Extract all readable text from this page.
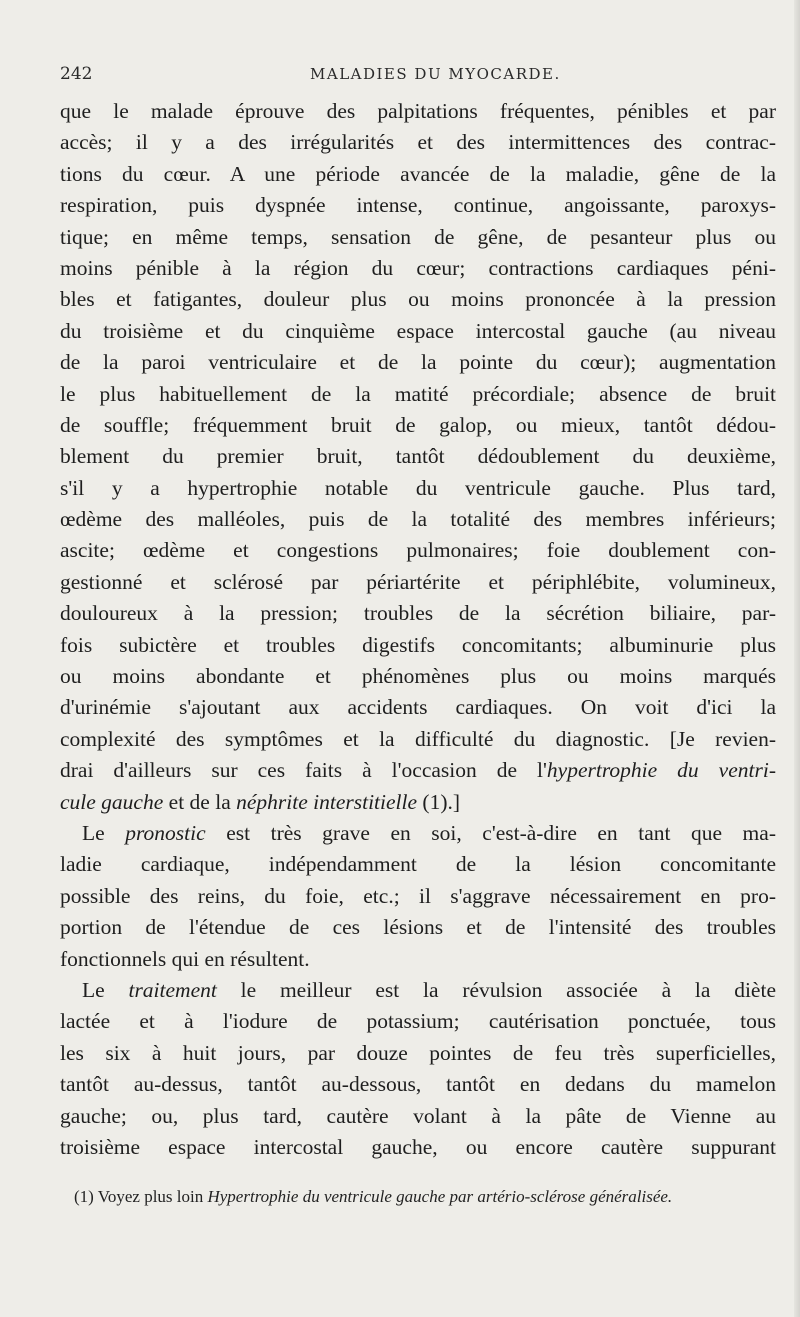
242	MALADIES DU MYOCARDE.
que le malade éprouve des palpitations fréquentes, pénibles et par
accès; il y a des irrégularités et des intermittences des contrac-
tions du cœur. A une période avancée de la maladie, gêne de la
respiration, puis dyspnée intense, continue, angoissante, paroxys-
tique; en même temps, sensation de gêne, de pesanteur plus ou
moins pénible à la région du cœur; contractions cardiaques péni-
bles et fatigantes, douleur plus ou moins prononcée à la pression
du troisième et du cinquième espace intercostal gauche (au niveau
de la paroi ventriculaire et de la pointe du cœur); augmentation
le plus habituellement de la matité précordiale; absence de bruit
de souffle; fréquemment bruit de galop, ou mieux, tantôt dédou-
blement du premier bruit, tantôt dédoublement du deuxième,
s'il y a hypertrophie notable du ventricule gauche. Plus tard,
œdème des malléoles, puis de la totalité des membres inférieurs;
ascite; œdème et congestions pulmonaires; foie doublement con-
gestionné et sclérosé par périartérite et périphlébite, volumineux,
douloureux à la pression; troubles de la sécrétion biliaire, par-
fois subictère et troubles digestifs concomitants; albuminurie plus
ou moins abondante et phénomènes plus ou moins marqués
d'urinémie s'ajoutant aux accidents cardiaques. On voit d'ici la
complexité des symptômes et la difficulté du diagnostic. [Je revien-
drai d'ailleurs sur ces faits à l'occasion de l'hypertrophie du ventri-
cule gauche et de la néphrite interstitielle (1).]
Le pronostic est très grave en soi, c'est-à-dire en tant que ma-
ladie cardiaque, indépendamment de la lésion concomitante
possible des reins, du foie, etc.; il s'aggrave nécessairement en pro-
portion de l'étendue de ces lésions et de l'intensité des troubles
fonctionnels qui en résultent.
Le traitement le meilleur est la révulsion associée à la diète
lactée et à l'iodure de potassium; cautérisation ponctuée, tous
les six à huit jours, par douze pointes de feu très superficielles,
tantôt au-dessus, tantôt au-dessous, tantôt en dedans du mamelon
gauche; ou, plus tard, cautère volant à la pâte de Vienne au
troisième espace intercostal gauche, ou encore cautère suppurant
(1) Voyez plus loin Hypertrophie du ventricule gauche par artério-sclérose généralisée.
